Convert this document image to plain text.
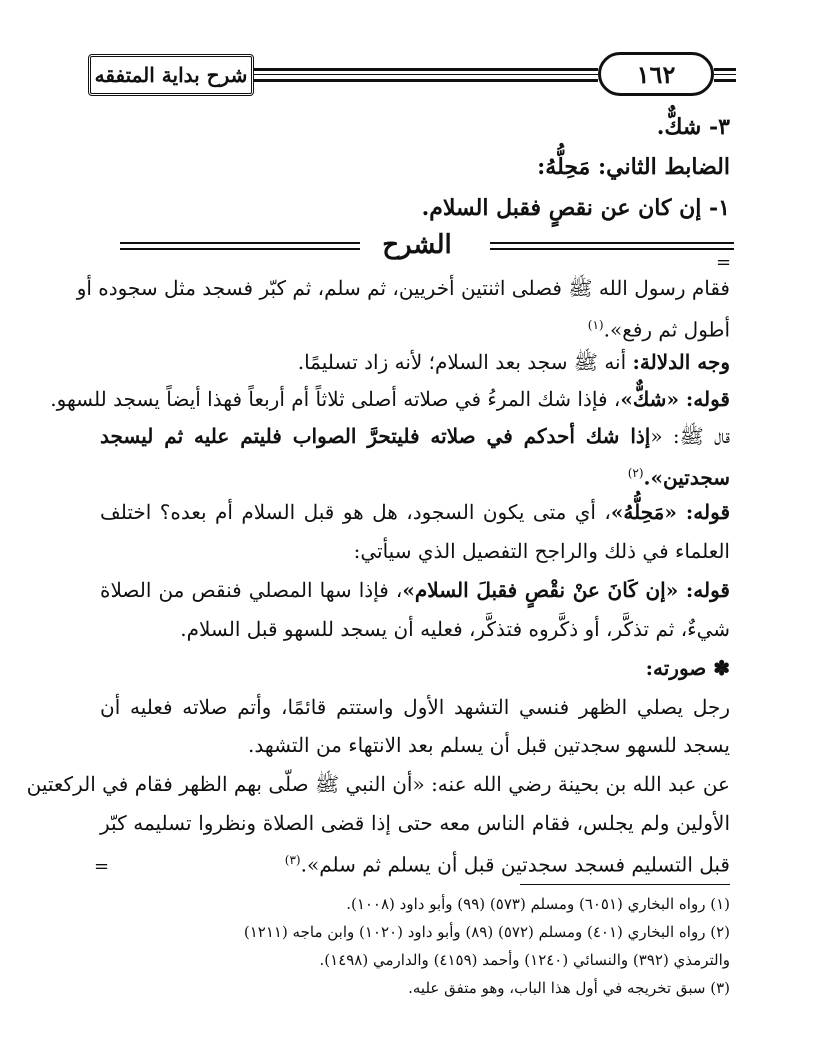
شرح بداية المتفقه	١٦٢
٣- شكٌّ.
الضابط الثاني: مَحِلُّهُ:
١- إن كان عن نقصٍ فقبل السلام.
الشرح
=
فقام رسول الله ﷺ فصلى اثنتين أخريين، ثم سلم، ثم كبّر فسجد مثل سجوده أو
أطول ثم رفع».$^{(١)}$
وجه الدلالة: أنه ﷺ سجد بعد السلام؛ لأنه زاد تسليمًا.
قوله: «شكٌّ»، فإذا شك المرءُ في صلاته أصلى ثلاثاً أم أربعاً فهذا أيضاً يسجد للسهو.
قال ﷺ: «إذا شك أحدكم في صلاته فليتحرَّ الصواب فليتم عليه ثم ليسجد
سجدتين».$^{(٢)}$
قوله: «مَحِلُّهُ»، أي متى يكون السجود، هل هو قبل السلام أم بعده؟ اختلف
العلماء في ذلك والراجح التفصيل الذي سيأتي:
قوله: «إن كَانَ عنْ نقْصٍ فقبلَ السلام»، فإذا سها المصلي فنقص من الصلاة
شيءٌ، ثم تذكَّر، أو ذكَّروه فتذكَّر، فعليه أن يسجد للسهو قبل السلام.
✽ صورته:
رجل يصلي الظهر فنسي التشهد الأول واستتم قائمًا، وأتم صلاته فعليه أن
يسجد للسهو سجدتين قبل أن يسلم بعد الانتهاء من التشهد.
عن عبد الله بن بحينة رضي الله عنه: «أن النبي ﷺ صلّى بهم الظهر فقام في الركعتين
الأولين ولم يجلس، فقام الناس معه حتى إذا قضى الصلاة ونظروا تسليمه كبّر
قبل التسليم فسجد سجدتين قبل أن يسلم ثم سلم».$^{(٣)}$
=
(١) رواه البخاري (٦٠٥١) ومسلم (٥٧٣) (٩٩) وأبو داود (١٠٠٨).
(٢) رواه البخاري (٤٠١) ومسلم (٥٧٢) (٨٩) وأبو داود (١٠٢٠) وابن ماجه (١٢١١)
والترمذي (٣٩٢) والنسائي (١٢٤٠) وأحمد (٤١٥٩) والدارمي (١٤٩٨).
(٣) سبق تخريجه في أول هذا الباب، وهو متفق عليه.
